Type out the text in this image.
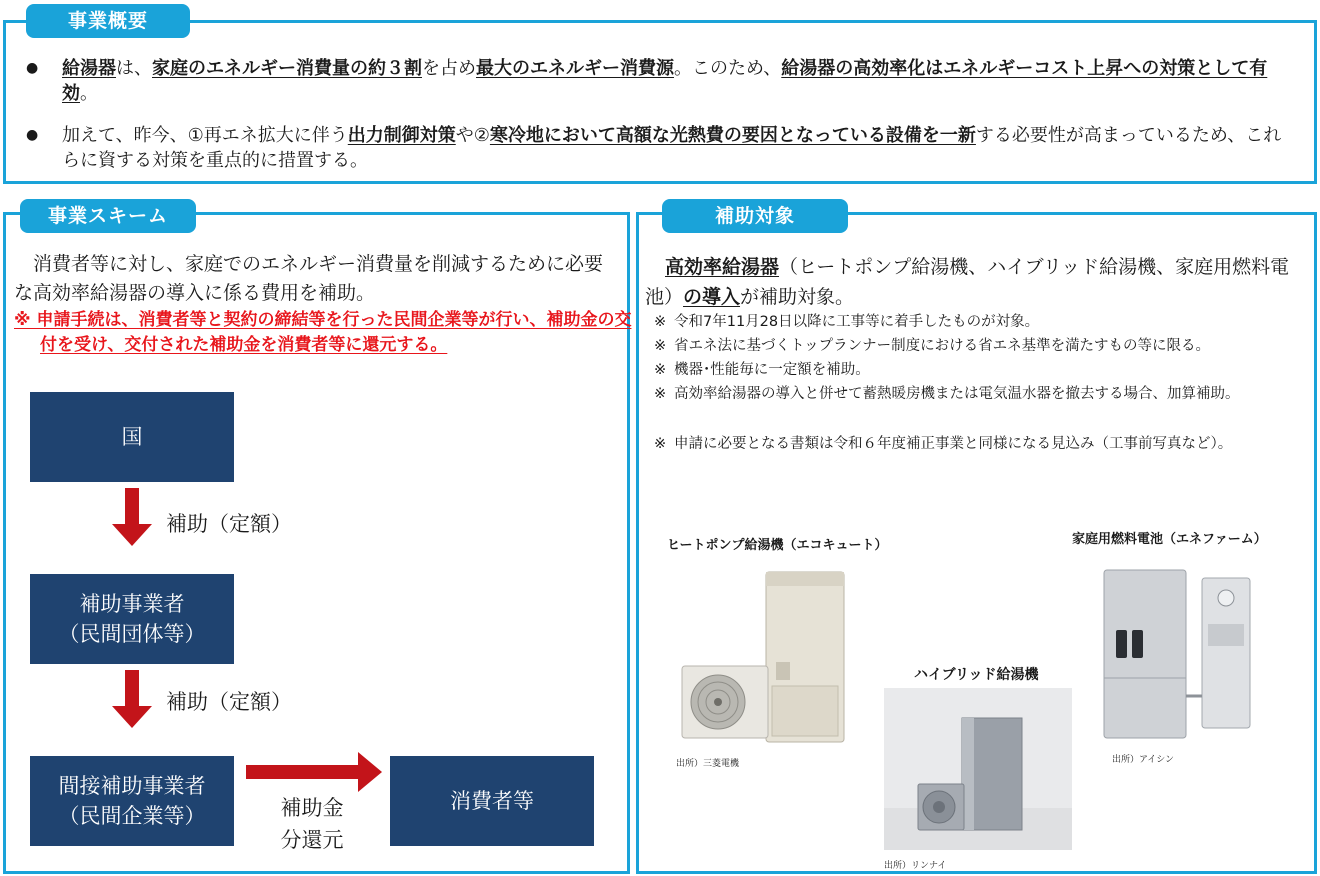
事業概要
●	給湯器は、家庭のエネルギー消費量の約３割を占め最大のエネルギー消費源。このため、給湯器の高効率化はエネルギーコスト上昇への対策として有効。
●	加えて、昨今、①再エネ拡大に伴う出力制御対策や②寒冷地において高額な光熱費の要因となっている設備を一新する必要性が高まっているため、これらに資する対策を重点的に措置する。
事業スキーム
消費者等に対し、家庭でのエネルギー消費量を削減するために必要な高効率給湯器の導入に係る費用を補助。
※ 申請手続は、消費者等と契約の締結等を行った民間企業等が行い、補助金の交付を受け、交付された補助金を消費者等に還元する。
国
補助（定額）
補助事業者
（民間団体等）
補助（定額）
間接補助事業者
（民間企業等）	補助金
分還元
消費者等
補助対象
高効率給湯器（ヒートポンプ給湯機、ハイブリッド給湯機、家庭用燃料電池）の導入が補助対象。
※ 令和7年11月28日以降に工事等に着手したものが対象。
※ 省エネ法に基づくトップランナー制度における省エネ基準を満たすもの等に限る。
※ 機器･性能毎に一定額を補助。
※ 高効率給湯器の導入と併せて蓄熱暖房機または電気温水器を撤去する場合、加算補助。
※ 申請に必要となる書類は令和６年度補正事業と同様になる見込み（工事前写真など）。
ヒートポンプ給湯機（エコキュート）
ハイブリッド給湯機
家庭用燃料電池（エネファーム）
出所）三菱電機
出所）リンナイ
出所）アイシン
